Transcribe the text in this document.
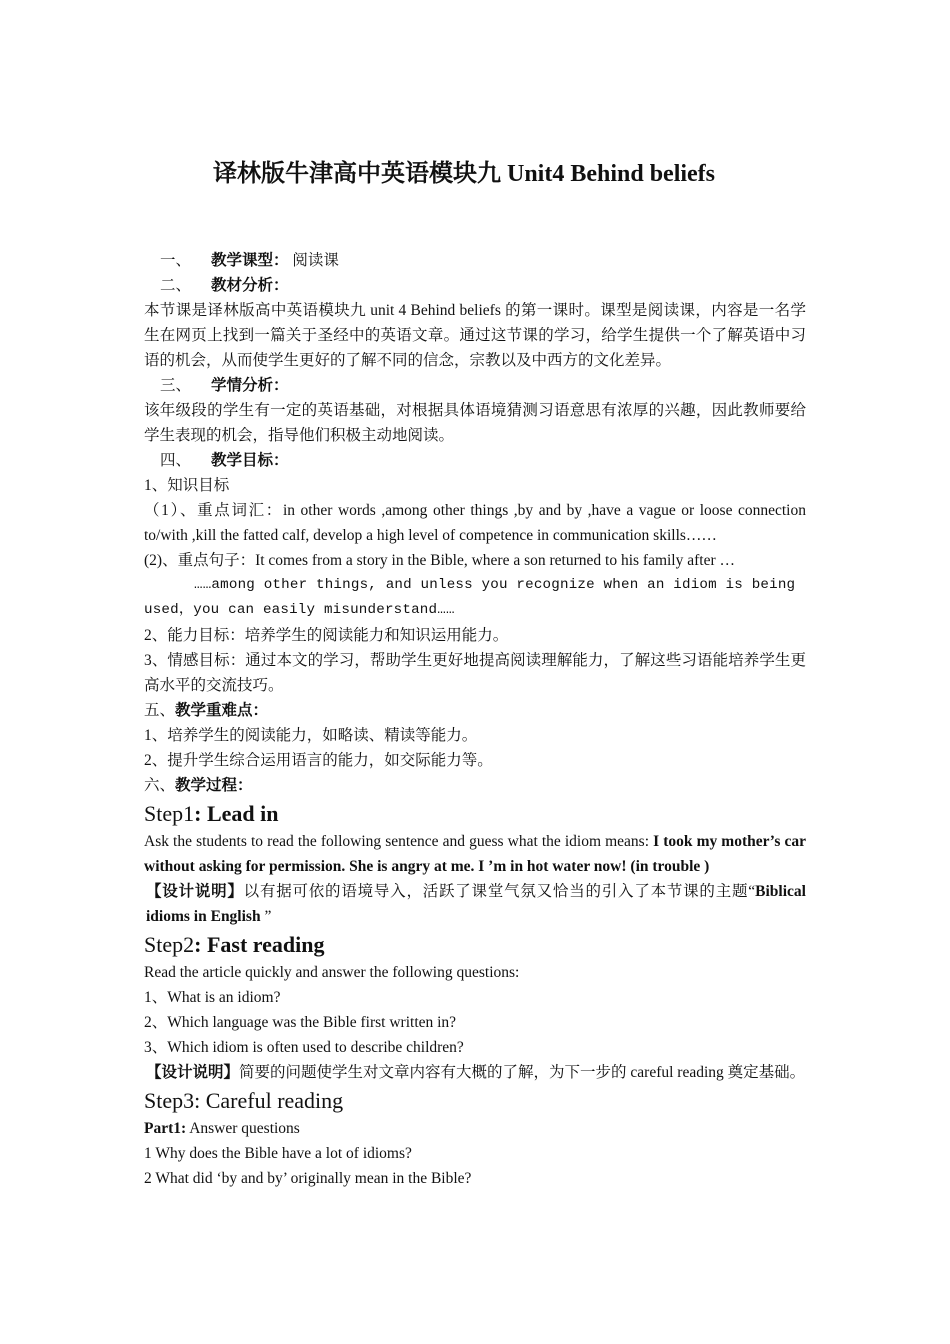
译林版牛津高中英语模块九 Unit4 Behind beliefs

一、 教学课型： 阅读课

二、 教材分析：

本节课是译林版高中英语模块九 unit 4 Behind beliefs 的第一课时。课型是阅读课，内容是一名学生在网页上找到一篇关于圣经中的英语文章。通过这节课的学习，给学生提供一个了解英语中习语的机会，从而使学生更好的了解不同的信念，宗教以及中西方的文化差异。

三、 学情分析：

该年级段的学生有一定的英语基础，对根据具体语境猜测习语意思有浓厚的兴趣，因此教师要给学生表现的机会，指导他们积极主动地阅读。

四、 教学目标：

1、知识目标

（1）、重点词汇：in other words ,among other things ,by and by ,have a vague or loose connection to/with ,kill the fatted calf, develop a high level of competence in communication skills……

(2)、重点句子：It comes from a story in the Bible, where a son returned to his family after …

……among other things, and unless you recognize when an idiom is being

used，you can easily misunderstand……

2、能力目标：培养学生的阅读能力和知识运用能力。

3、情感目标：通过本文的学习，帮助学生更好地提高阅读理解能力，了解这些习语能培养学生更高水平的交流技巧。

五、教学重难点：

1、培养学生的阅读能力，如略读、精读等能力。

2、提升学生综合运用语言的能力，如交际能力等。

六、教学过程：

Step1: Lead in

Ask the students to read the following sentence and guess what the idiom means: I took my mother’s car without asking for permission. She is angry at me. I ’m in hot water now! (in trouble )

【设计说明】以有据可依的语境导入，活跃了课堂气氛又恰当的引入了本节课的主题“Biblical idioms in English ”

Step2: Fast reading

Read the article quickly and answer the following questions:

1、What is an idiom?

2、Which language was the Bible first written in?

3、Which idiom is often used to describe children?

【设计说明】简要的问题使学生对文章内容有大概的了解，为下一步的 careful reading 奠定基础。

Step3: Careful reading

Part1: Answer questions

1 Why does the Bible have a lot of idioms?

2 What did ‘by and by’ originally mean in the Bible?
